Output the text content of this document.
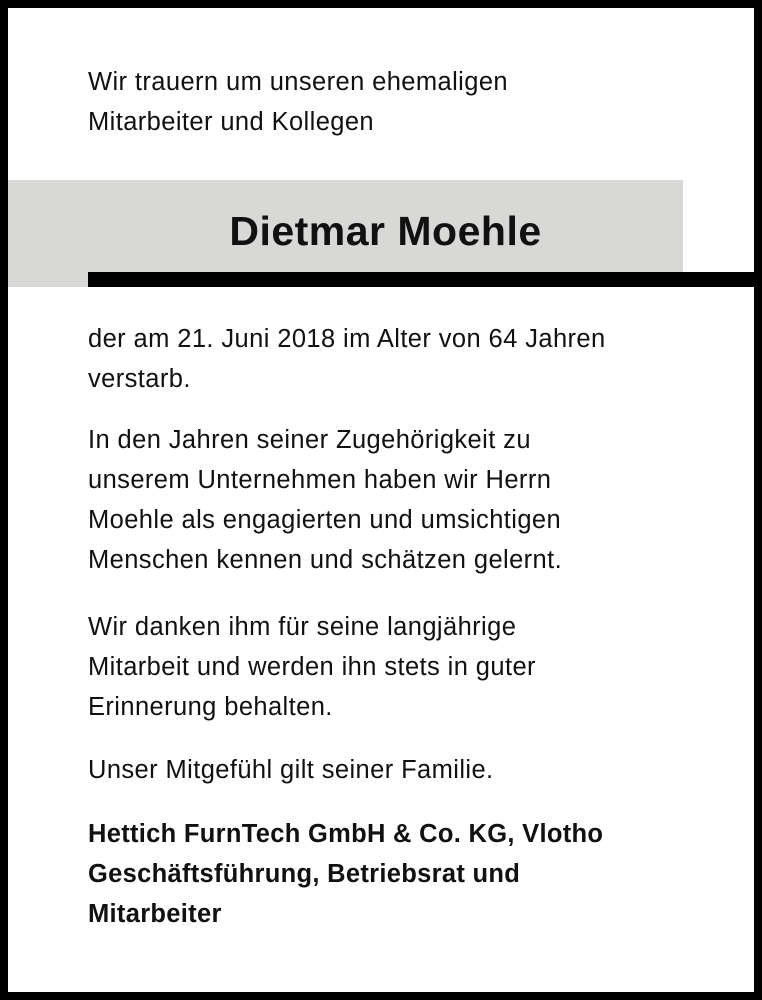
Wir trauern um unseren ehemaligen
Mitarbeiter und Kollegen

Dietmar Moehle

der am 21. Juni 2018 im Alter von 64 Jahren
verstarb.

In den Jahren seiner Zugehörigkeit zu
unserem Unternehmen haben wir Herrn
Moehle als engagierten und umsichtigen
Menschen kennen und schätzen gelernt.

Wir danken ihm für seine langjährige
Mitarbeit und werden ihn stets in guter
Erinnerung behalten.

Unser Mitgefühl gilt seiner Familie.

Hettich FurnTech GmbH & Co. KG, Vlotho
Geschäftsführung, Betriebsrat und
Mitarbeiter
